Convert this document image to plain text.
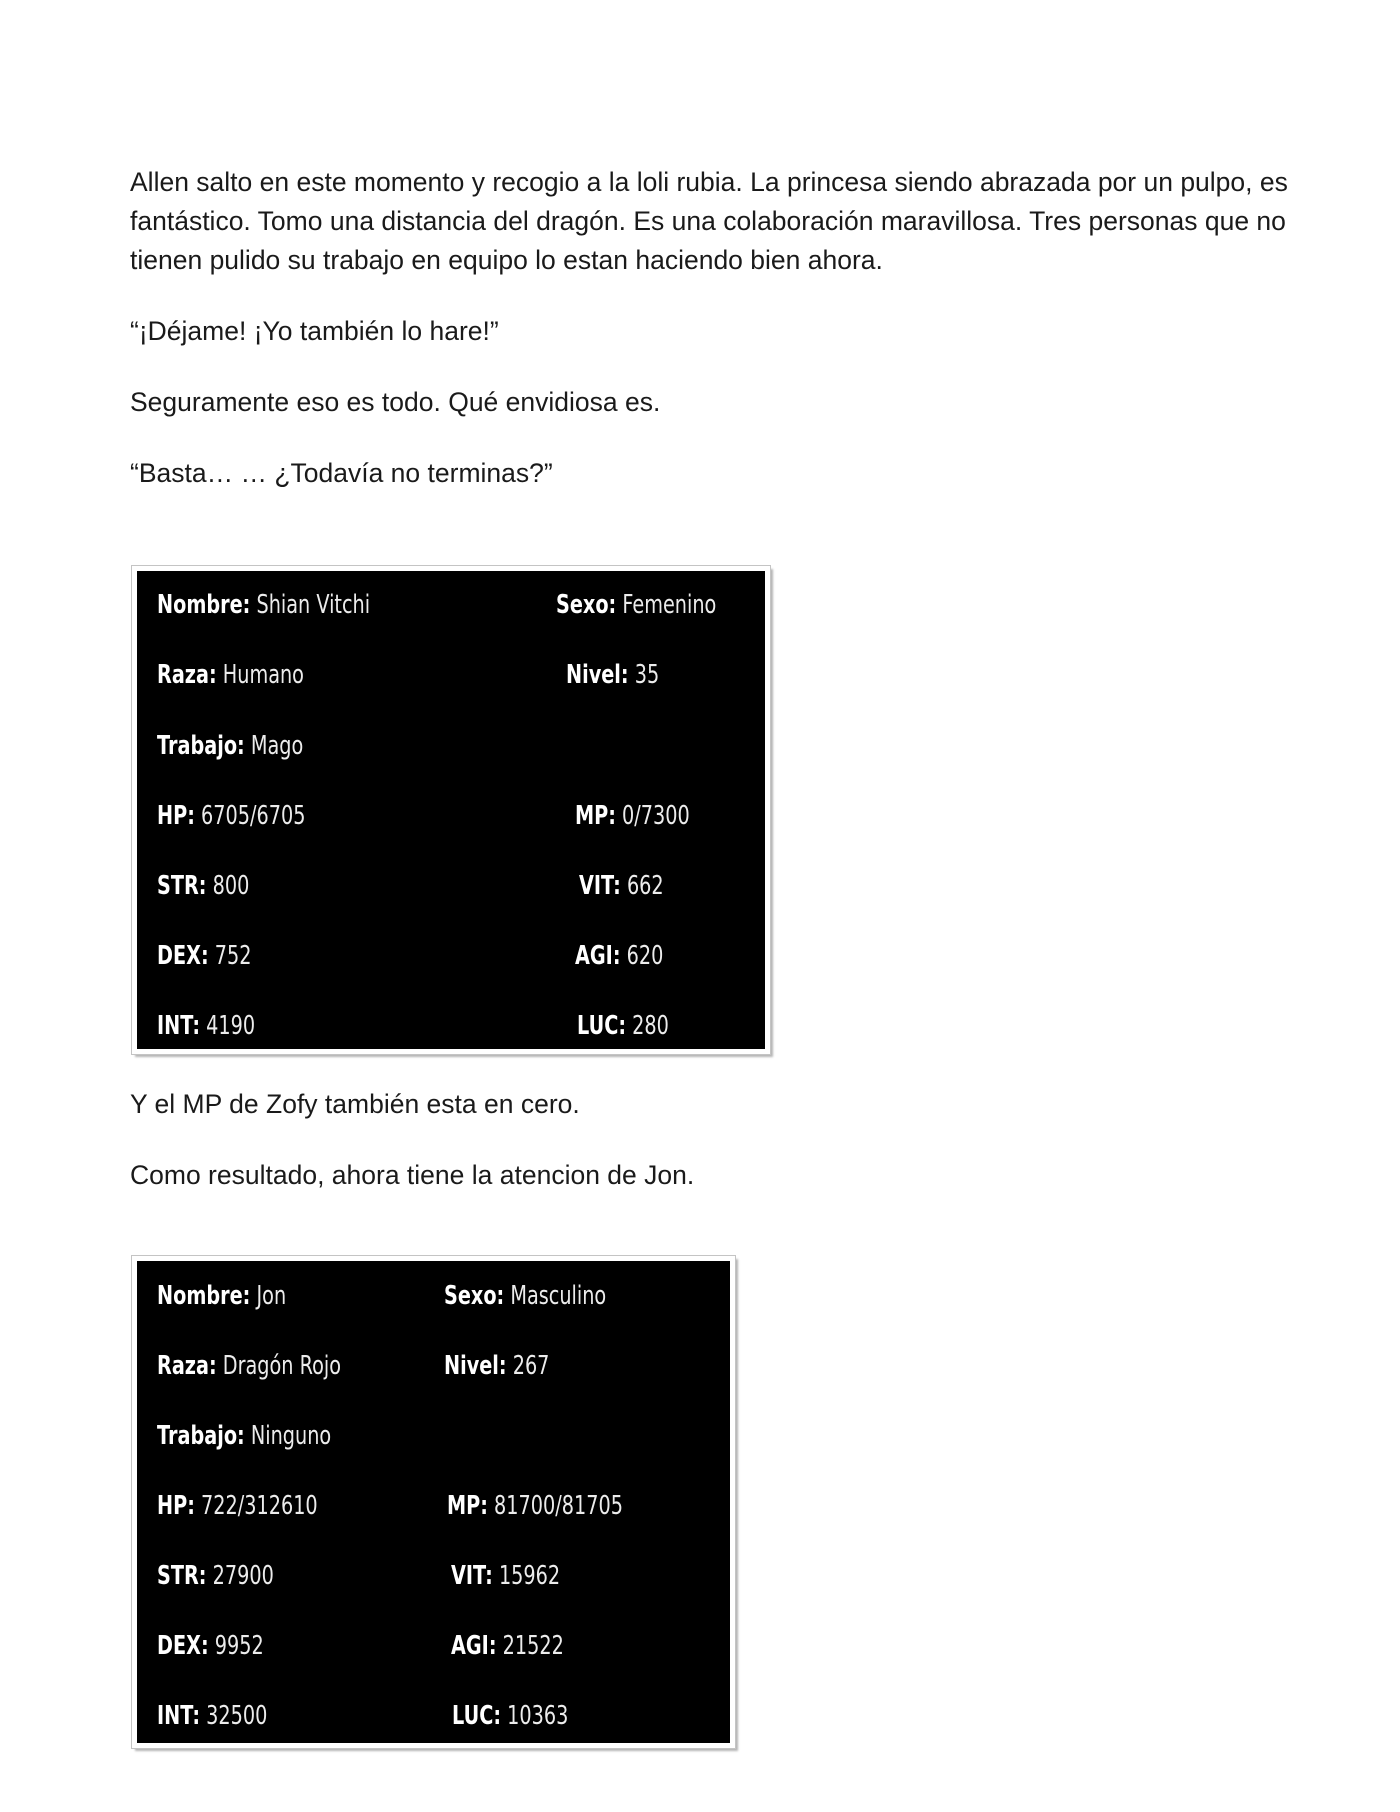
Allen salto en este momento y recogio a la loli rubia. La princesa siendo abrazada por un pulpo, es fantástico. Tomo una distancia del dragón. Es una colaboración maravillosa. Tres personas que no tienen pulido su trabajo en equipo lo estan haciendo bien ahora.

“¡Déjame! ¡Yo también lo hare!”

Seguramente eso es todo. Qué envidiosa es.

“Basta… … ¿Todavía no terminas?”

Nombre: Shian Vitchi	Sexo: Femenino
Raza: Humano	Nivel: 35
Trabajo: Mago
HP: 6705/6705	MP: 0/7300
STR: 800	VIT: 662
DEX: 752	AGI: 620
INT: 4190	LUC: 280

Y el MP de Zofy también esta en cero.

Como resultado, ahora tiene la atencion de Jon.

Nombre: Jon	Sexo: Masculino
Raza: Dragón Rojo	Nivel: 267
Trabajo: Ninguno
HP: 722/312610	MP: 81700/81705
STR: 27900	VIT: 15962
DEX: 9952	AGI: 21522
INT: 32500	LUC: 10363
